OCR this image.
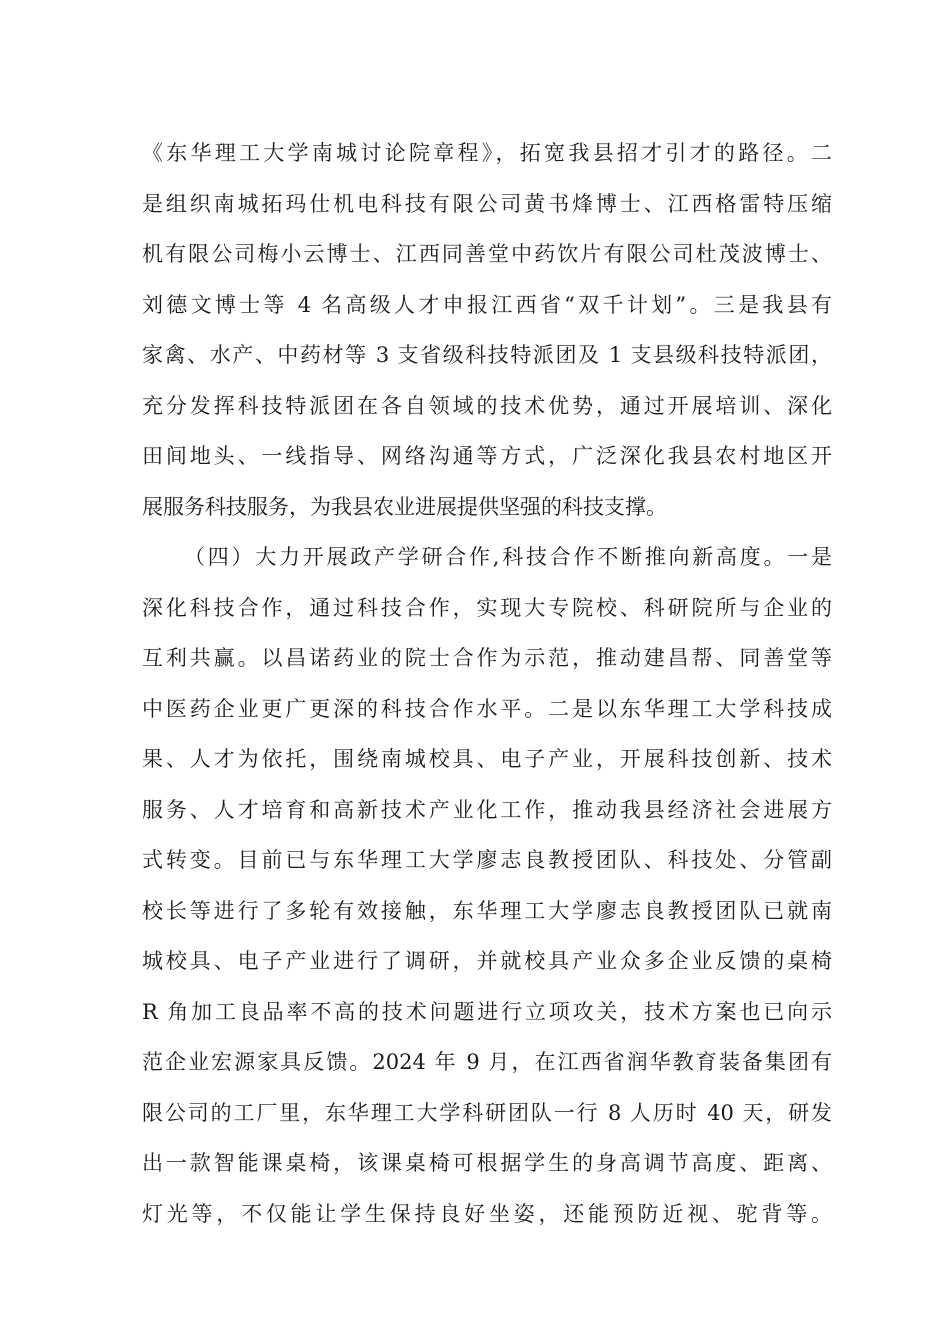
《东华理工大学南城讨论院章程》，拓宽我县招才引才的路径。二
是组织南城拓玛仕机电科技有限公司黄书烽博士、江西格雷特压缩
机有限公司梅小云博士、江西同善堂中药饮片有限公司杜茂波博士、
刘德文博士等 4 名高级人才申报江西省“双千计划”。三是我县有
家禽、水产、中药材等 3 支省级科技特派团及 1 支县级科技特派团，
充分发挥科技特派团在各自领域的技术优势，通过开展培训、深化
田间地头、一线指导、网络沟通等方式，广泛深化我县农村地区开
展服务科技服务，为我县农业进展提供坚强的科技支撑。
（四）大力开展政产学研合作,科技合作不断推向新高度。一是
深化科技合作，通过科技合作，实现大专院校、科研院所与企业的
互利共赢。以昌诺药业的院士合作为示范，推动建昌帮、同善堂等
中医药企业更广更深的科技合作水平。二是以东华理工大学科技成
果、人才为依托，围绕南城校具、电子产业，开展科技创新、技术
服务、人才培育和高新技术产业化工作，推动我县经济社会进展方
式转变。目前已与东华理工大学廖志良教授团队、科技处、分管副
校长等进行了多轮有效接触，东华理工大学廖志良教授团队已就南
城校具、电子产业进行了调研，并就校具产业众多企业反馈的桌椅
R 角加工良品率不高的技术问题进行立项攻关，技术方案也已向示
范企业宏源家具反馈。2024 年 9 月，在江西省润华教育装备集团有
限公司的工厂里，东华理工大学科研团队一行 8 人历时 40 天，研发
出一款智能课桌椅，该课桌椅可根据学生的身高调节高度、距离、
灯光等，不仅能让学生保持良好坐姿，还能预防近视、驼背等。
